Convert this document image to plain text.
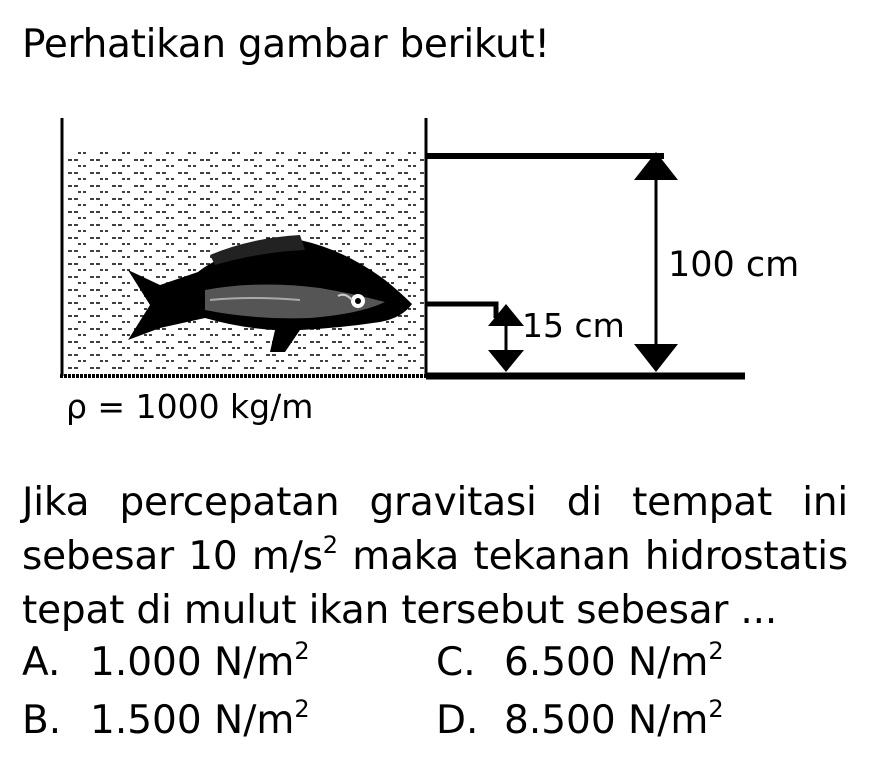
Perhatikan gambar berikut!
100 cm
15 cm
ρ = 1000 kg/m

Jika percepatan gravitasi di tempat ini sebesar 10 $m/s^2$ maka tekanan hidrostatis tepat di mulut ikan tersebut sebesar ...

A. 1.000 $N/m^2$
B. 1.500 $N/m^2$
C. 6.500 $N/m^2$
D. 8.500 $N/m^2$
